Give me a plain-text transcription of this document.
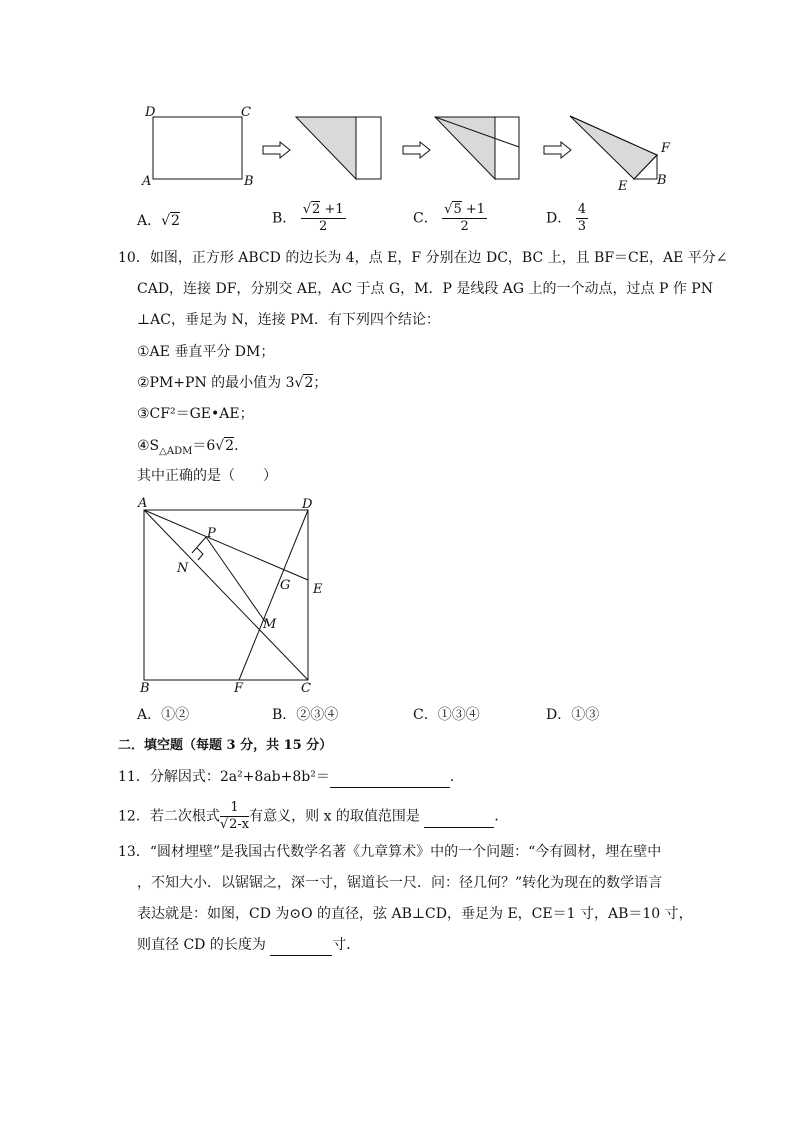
D	C
A	B
F
E B
A．√2	B． $\frac{√2 +1}{2}$	C． $\frac{√5 +1}{2}$	D． $\frac{4}{3}$
10．如图，正方形 ABCD 的边长为 4，点 E，F 分别在边 DC，BC 上，且 BF＝CE，AE 平分∠
CAD，连接 DF，分别交 AE，AC 于点 G，M．P 是线段 AG 上的一个动点，过点 P 作 PN
⊥AC，垂足为 N，连接 PM．有下列四个结论：
①AE 垂直平分 DM；
②PM+PN 的最小值为 3√2；
③CF²＝GE•AE；
$④S_{\triangle ADM}=6√2$．
其中正确的是（　　）
A	D
P
N
G E
M
B	F	C
A．①②	B．②③④	C．①③④	D．①③
二．填空题（每题 3 分，共 15 分）
11．分解因式：2a²+8ab+8b²＝	．
12．若二次根式 $\frac{1}{√2-x}$ 有意义，则 x 的取值范围是	．
13．“圆材埋壁”是我国古代数学名著《九章算术》中的一个问题：“今有圆材，埋在壁中
，不知大小．以锯锯之，深一寸，锯道长一尺．问：径几何？”转化为现在的数学语言
表达就是：如图，CD 为⊙O 的直径，弦 AB⊥CD，垂足为 E，CE＝1 寸，AB＝10 寸，
则直径 CD 的长度为	寸．
